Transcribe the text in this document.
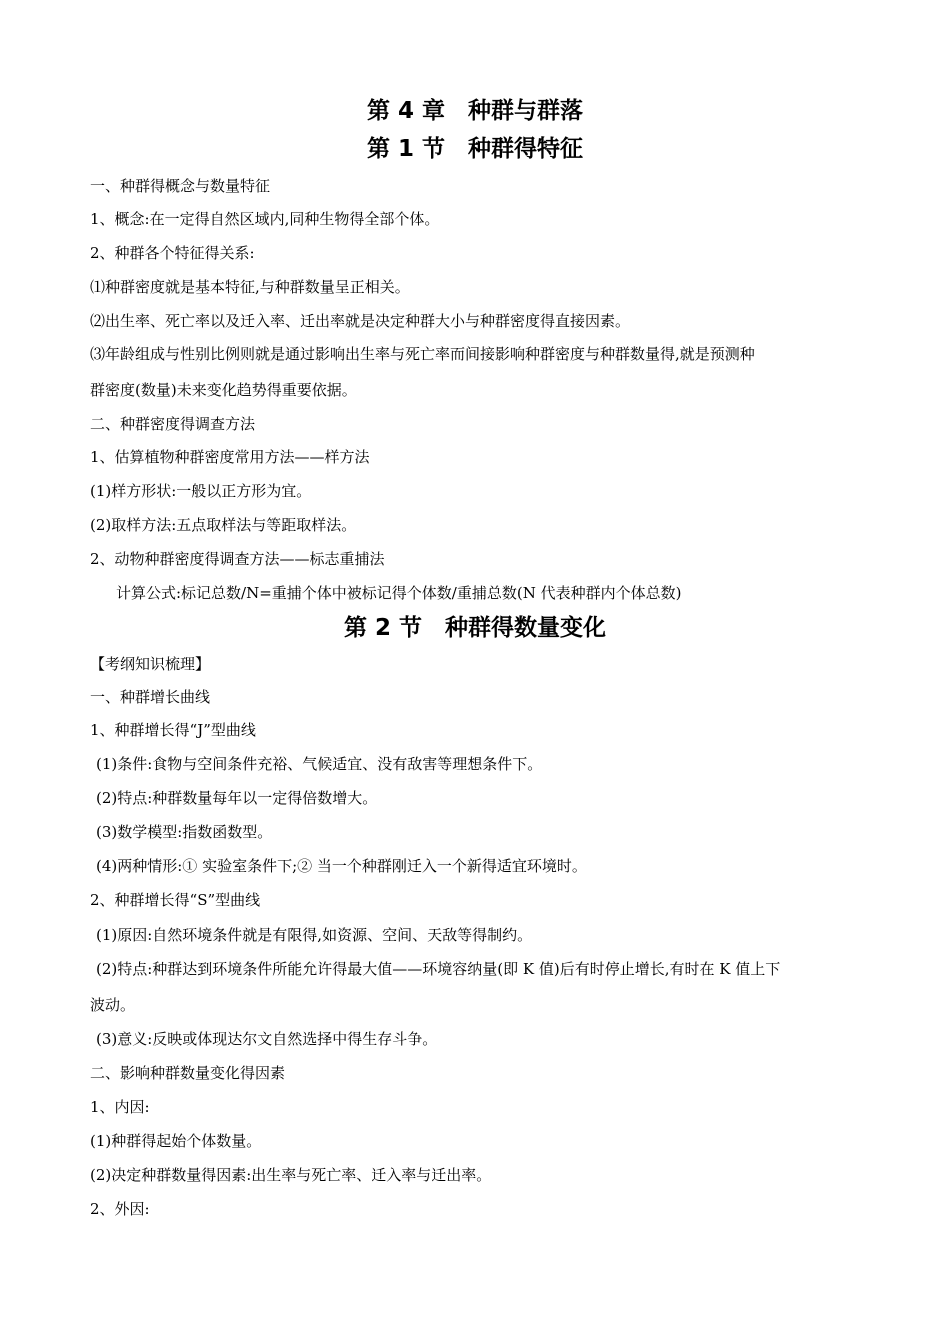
第 4 章　种群与群落
第 1 节　种群得特征
一、种群得概念与数量特征
1、概念:在一定得自然区域内,同种生物得全部个体。
2、种群各个特征得关系:
⑴种群密度就是基本特征,与种群数量呈正相关。
⑵出生率、死亡率以及迁入率、迁出率就是决定种群大小与种群密度得直接因素。
⑶年龄组成与性别比例则就是通过影响出生率与死亡率而间接影响种群密度与种群数量得,就是预测种
群密度(数量)未来变化趋势得重要依据。
二、种群密度得调查方法
1、估算植物种群密度常用方法——样方法
(1)样方形状:一般以正方形为宜。
(2)取样方法:五点取样法与等距取样法。
2、动物种群密度得调查方法——标志重捕法
计算公式:标记总数/N=重捕个体中被标记得个体数/重捕总数(N 代表种群内个体总数)
第 2 节　种群得数量变化
【考纲知识梳理】
一、种群增长曲线
1、种群增长得“J”型曲线
(1)条件:食物与空间条件充裕、气候适宜、没有敌害等理想条件下。
(2)特点:种群数量每年以一定得倍数增大。
(3)数学模型:指数函数型。
(4)两种情形:① 实验室条件下;② 当一个种群刚迁入一个新得适宜环境时。
2、种群增长得“S”型曲线
(1)原因:自然环境条件就是有限得,如资源、空间、天敌等得制约。
(2)特点:种群达到环境条件所能允许得最大值——环境容纳量(即 K 值)后有时停止增长,有时在 K 值上下
波动。
(3)意义:反映或体现达尔文自然选择中得生存斗争。
二、影响种群数量变化得因素
1、内因:
(1)种群得起始个体数量。
(2)决定种群数量得因素:出生率与死亡率、迁入率与迁出率。
2、外因:
